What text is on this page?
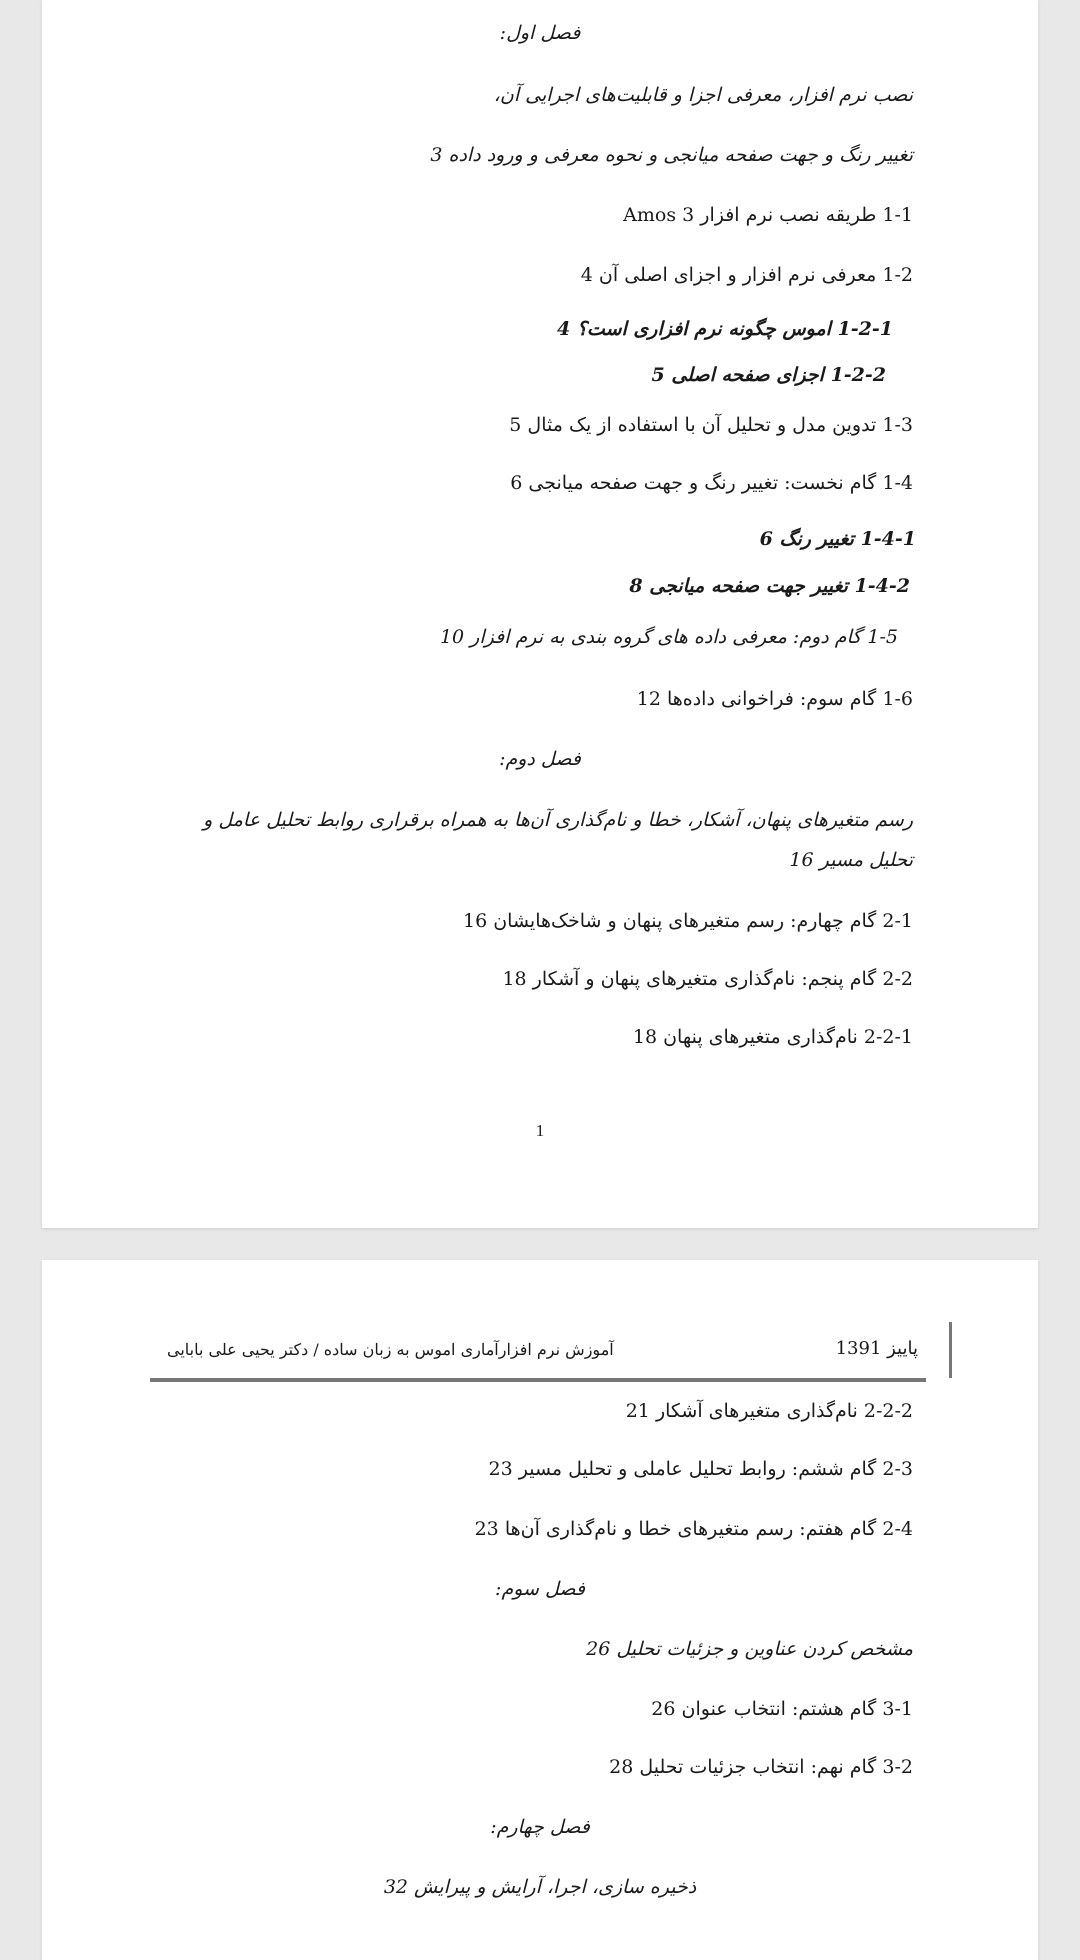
فصل اول:
نصب نرم افزار، معرفی اجزا و قابلیت‌های اجرایی آن،
تغییر رنگ و جهت صفحه میانجی و نحوه معرفی و ورود داده 3
1-1 طریقه نصب نرم افزار Amos 3
1-2 معرفی نرم افزار و اجزای اصلی آن 4
1-2-1 اموس چگونه نرم افزاری است؟ 4
1-2-2 اجزای صفحه اصلی 5
1-3 تدوین مدل و تحلیل آن با استفاده از یک مثال 5
1-4 گام نخست: تغییر رنگ و جهت صفحه میانجی 6
1-4-1 تغییر رنگ 6
1-4-2 تغییر جهت صفحه میانجی 8
1-5 گام دوم: معرفی داده های گروه بندی به نرم افزار 10
1-6 گام سوم: فراخوانی داده‌ها 12
فصل دوم:
رسم متغیرهای پنهان، آشکار، خطا و نام‌گذاری آن‌ها به همراه برقراری روابط تحلیل عامل و تحلیل مسیر 16
2-1 گام چهارم: رسم متغیرهای پنهان و شاخک‌هایشان 16
2-2 گام پنجم: نام‌گذاری متغیرهای پنهان و آشکار 18
2-2-1 نام‌گذاری متغیرهای پنهان 18
1
آموزش نرم افزارآماری اموس به زبان ساده / دکتر یحیی علی بابایی	پاییز 1391
2-2-2 نام‌گذاری متغیرهای آشکار 21
2-3 گام ششم: روابط تحلیل عاملی و تحلیل مسیر 23
2-4 گام هفتم: رسم متغیرهای خطا و نام‌گذاری آن‌ها 23
فصل سوم:
مشخص کردن عناوین و جزئیات تحلیل 26
3-1 گام هشتم: انتخاب عنوان 26
3-2 گام نهم: انتخاب جزئیات تحلیل 28
فصل چهارم:
ذخیره سازی، اجرا، آرایش و پیرایش 32
